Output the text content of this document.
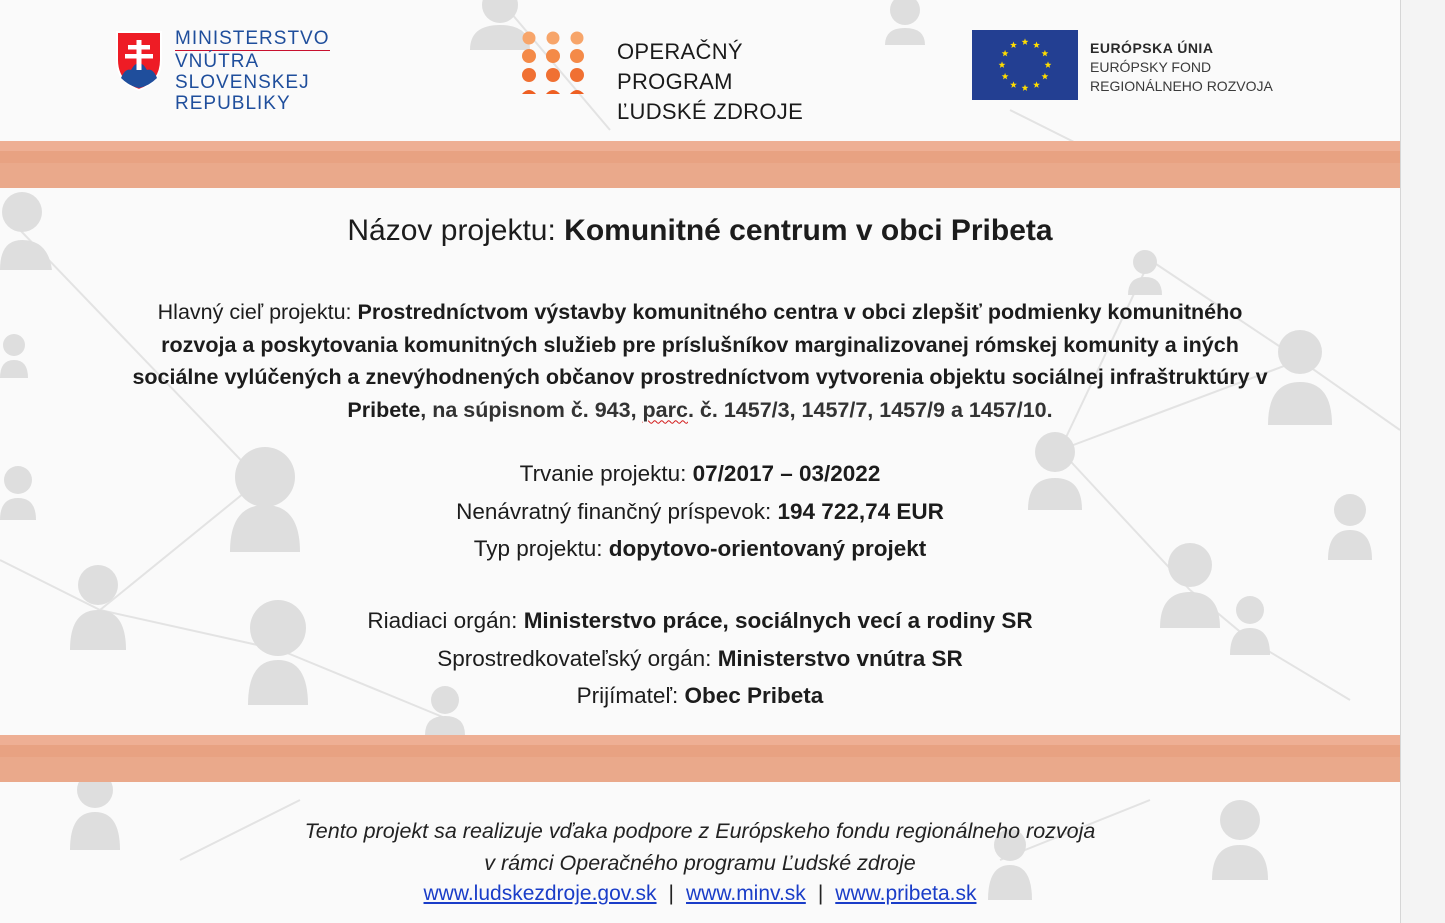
MINISTERSTVO
VNÚTRA
SLOVENSKEJ REPUBLIKY
OPERAČNÝ PROGRAM
ĽUDSKÉ ZDROJE
EURÓPSKA ÚNIA
EURÓPSKY FOND
REGIONÁLNEHO ROZVOJA
Názov projektu: Komunitné centrum v obci Pribeta
Hlavný cieľ projektu: Prostredníctvom výstavby komunitného centra v obci zlepšiť podmienky komunitného rozvoja a poskytovania komunitných služieb pre príslušníkov marginalizovanej rómskej komunity a iných sociálne vylúčených a znevýhodnených občanov prostredníctvom vytvorenia objektu sociálnej infraštruktúry v Pribete, na súpisnom č. 943, parc. č. 1457/3, 1457/7, 1457/9 a 1457/10.
Trvanie projektu: 07/2017 – 03/2022
Nenávratný finančný príspevok: 194 722,74 EUR
Typ projektu: dopytovo-orientovaný projekt
Riadiaci orgán: Ministerstvo práce, sociálnych vecí a rodiny SR
Sprostredkovateľský orgán: Ministerstvo vnútra SR
Prijímateľ: Obec Pribeta
Tento projekt sa realizuje vďaka podpore z Európskeho fondu regionálneho rozvoja
v rámci Operačného programu Ľudské zdroje
www.ludskezdroje.gov.sk | www.minv.sk | www.pribeta.sk
